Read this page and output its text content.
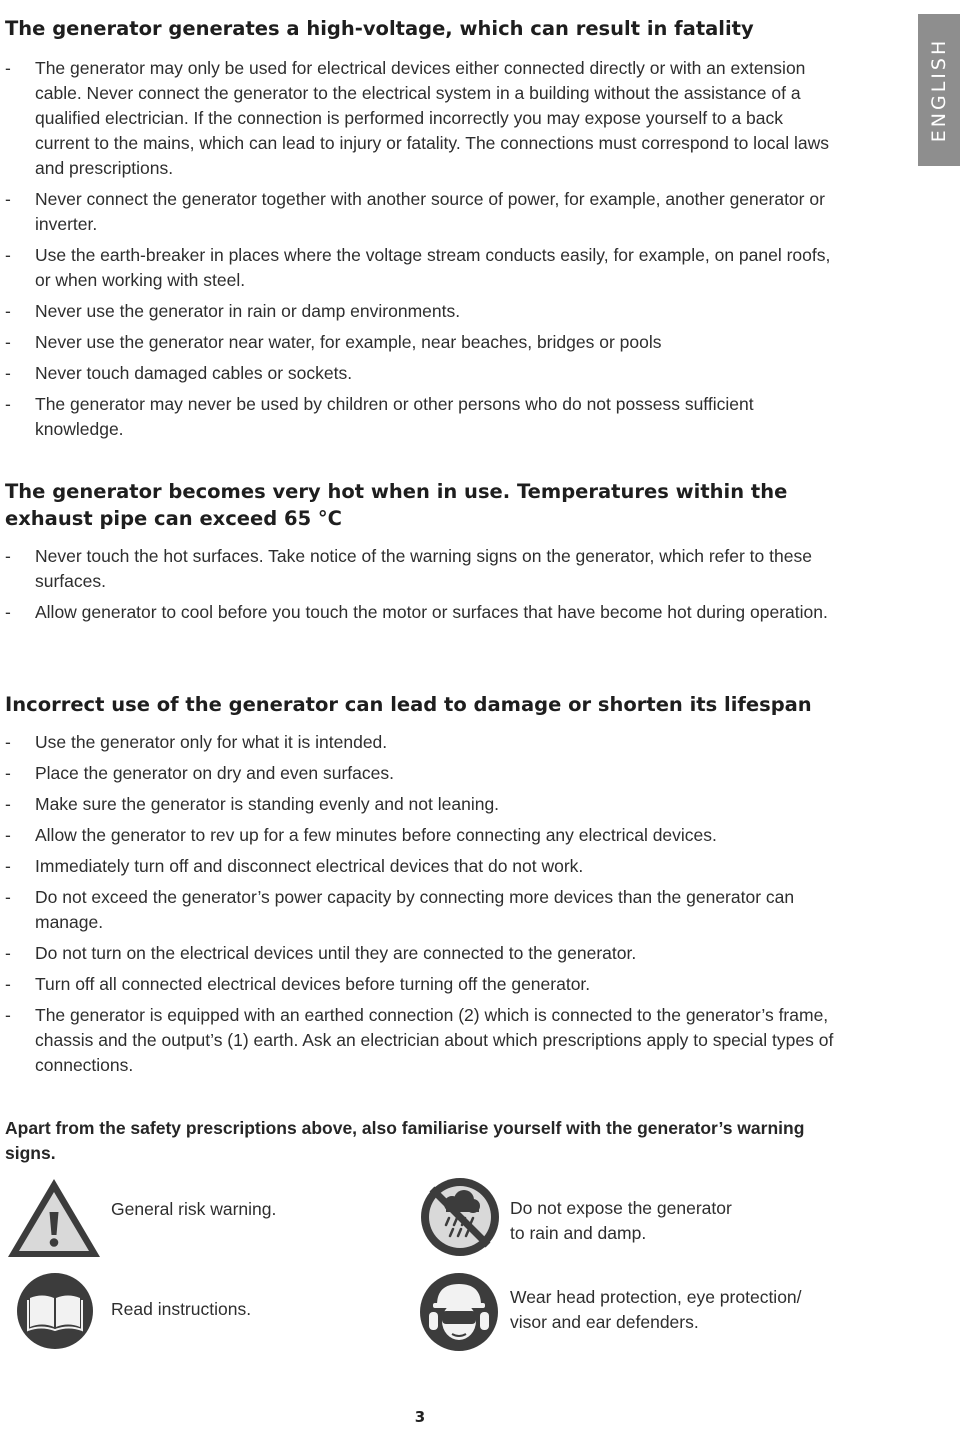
ENGLISH
The generator generates a high-voltage, which can result in fatality
- The generator may only be used for electrical devices either connected directly or with an extension cable. Never connect the generator to the electrical system in a building without the assistance of a qualified electrician. If the connection is performed incorrectly you may expose yourself to a back current to the mains, which can lead to injury or fatality. The connections must correspond to local laws and prescriptions.
- Never connect the generator together with another source of power, for example, another generator or inverter.
- Use the earth-breaker in places where the voltage stream conducts easily, for example, on panel roofs, or when working with steel.
- Never use the generator in rain or damp environments.
- Never use the generator near water, for example, near beaches, bridges or pools
- Never touch damaged cables or sockets.
- The generator may never be used by children or other persons who do not possess sufficient knowledge.
The generator becomes very hot when in use. Temperatures within the exhaust pipe can exceed 65 °C
- Never touch the hot surfaces. Take notice of the warning signs on the generator, which refer to these surfaces.
- Allow generator to cool before you touch the motor or surfaces that have become hot during operation.
Incorrect use of the generator can lead to damage or shorten its lifespan
- Use the generator only for what it is intended.
- Place the generator on dry and even surfaces.
- Make sure the generator is standing evenly and not leaning.
- Allow the generator to rev up for a few minutes before connecting any electrical devices.
- Immediately turn off and disconnect electrical devices that do not work.
- Do not exceed the generator’s power capacity by connecting more devices than the generator can manage.
- Do not turn on the electrical devices until they are connected to the generator.
- Turn off all connected electrical devices before turning off the generator.
- The generator is equipped with an earthed connection (2) which is connected to the generator’s frame, chassis and the output’s (1) earth. Ask an electrician about which prescriptions apply to special types of connections.

Apart from the safety prescriptions above, also familiarise yourself with the generator’s warning signs.

General risk warning.	Do not expose the generator
to rain and damp.
Read instructions.
Wear head protection, eye protection/
visor and ear defenders.
3
